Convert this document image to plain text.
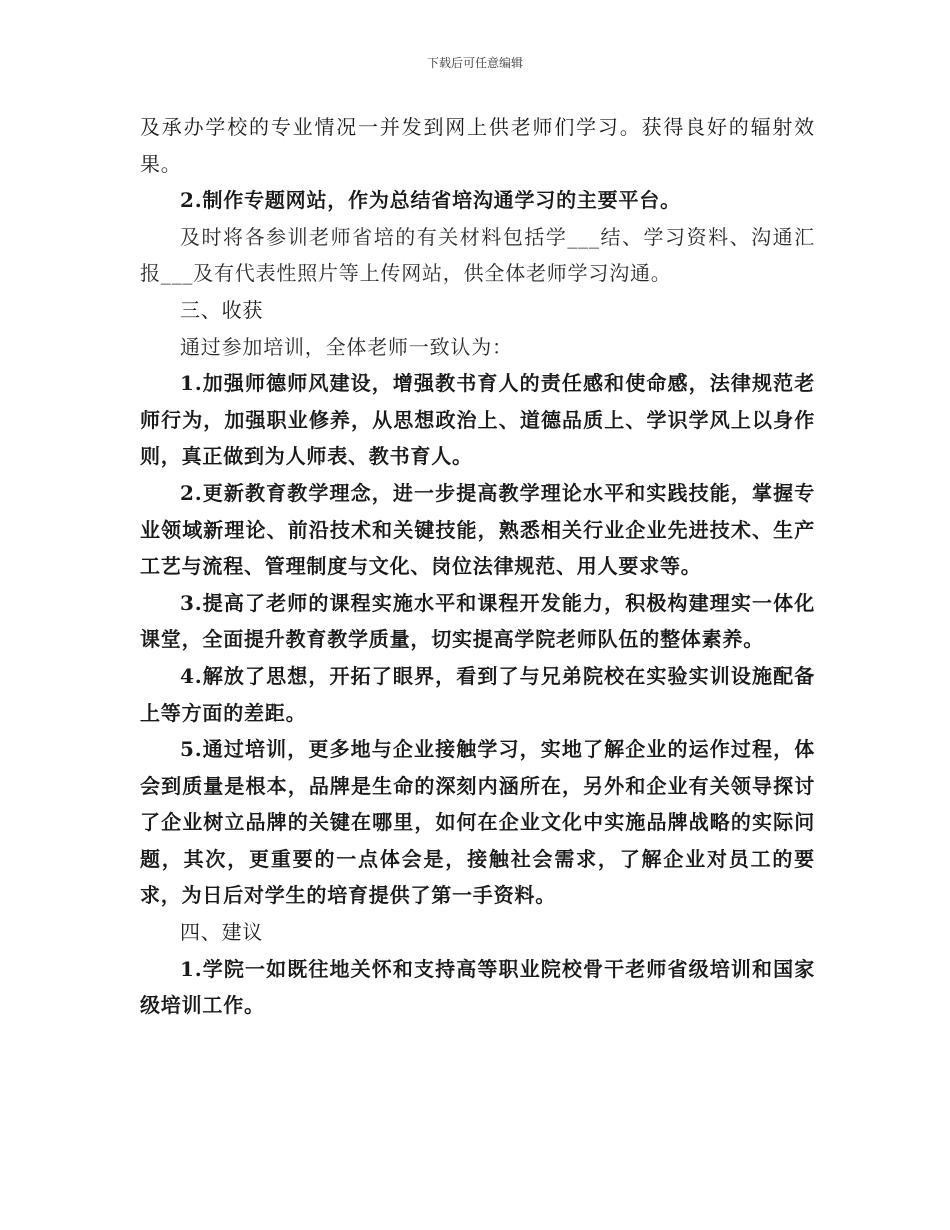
下载后可任意编辑

及承办学校的专业情况一并发到网上供老师们学习。获得良好的辐射效果。

2.制作专题网站，作为总结省培沟通学习的主要平台。

及时将各参训老师省培的有关材料包括学___结、学习资料、沟通汇报___及有代表性照片等上传网站，供全体老师学习沟通。

三、收获

通过参加培训，全体老师一致认为：

1.加强师德师风建设，增强教书育人的责任感和使命感，法律规范老师行为，加强职业修养，从思想政治上、道德品质上、学识学风上以身作则，真正做到为人师表、教书育人。

2.更新教育教学理念，进一步提高教学理论水平和实践技能，掌握专业领域新理论、前沿技术和关键技能，熟悉相关行业企业先进技术、生产工艺与流程、管理制度与文化、岗位法律规范、用人要求等。

3.提高了老师的课程实施水平和课程开发能力，积极构建理实一体化课堂，全面提升教育教学质量，切实提高学院老师队伍的整体素养。

4.解放了思想，开拓了眼界，看到了与兄弟院校在实验实训设施配备上等方面的差距。

5.通过培训，更多地与企业接触学习，实地了解企业的运作过程，体会到质量是根本，品牌是生命的深刻内涵所在，另外和企业有关领导探讨了企业树立品牌的关键在哪里，如何在企业文化中实施品牌战略的实际问题，其次，更重要的一点体会是，接触社会需求，了解企业对员工的要求，为日后对学生的培育提供了第一手资料。

四、建议

1.学院一如既往地关怀和支持高等职业院校骨干老师省级培训和国家级培训工作。
